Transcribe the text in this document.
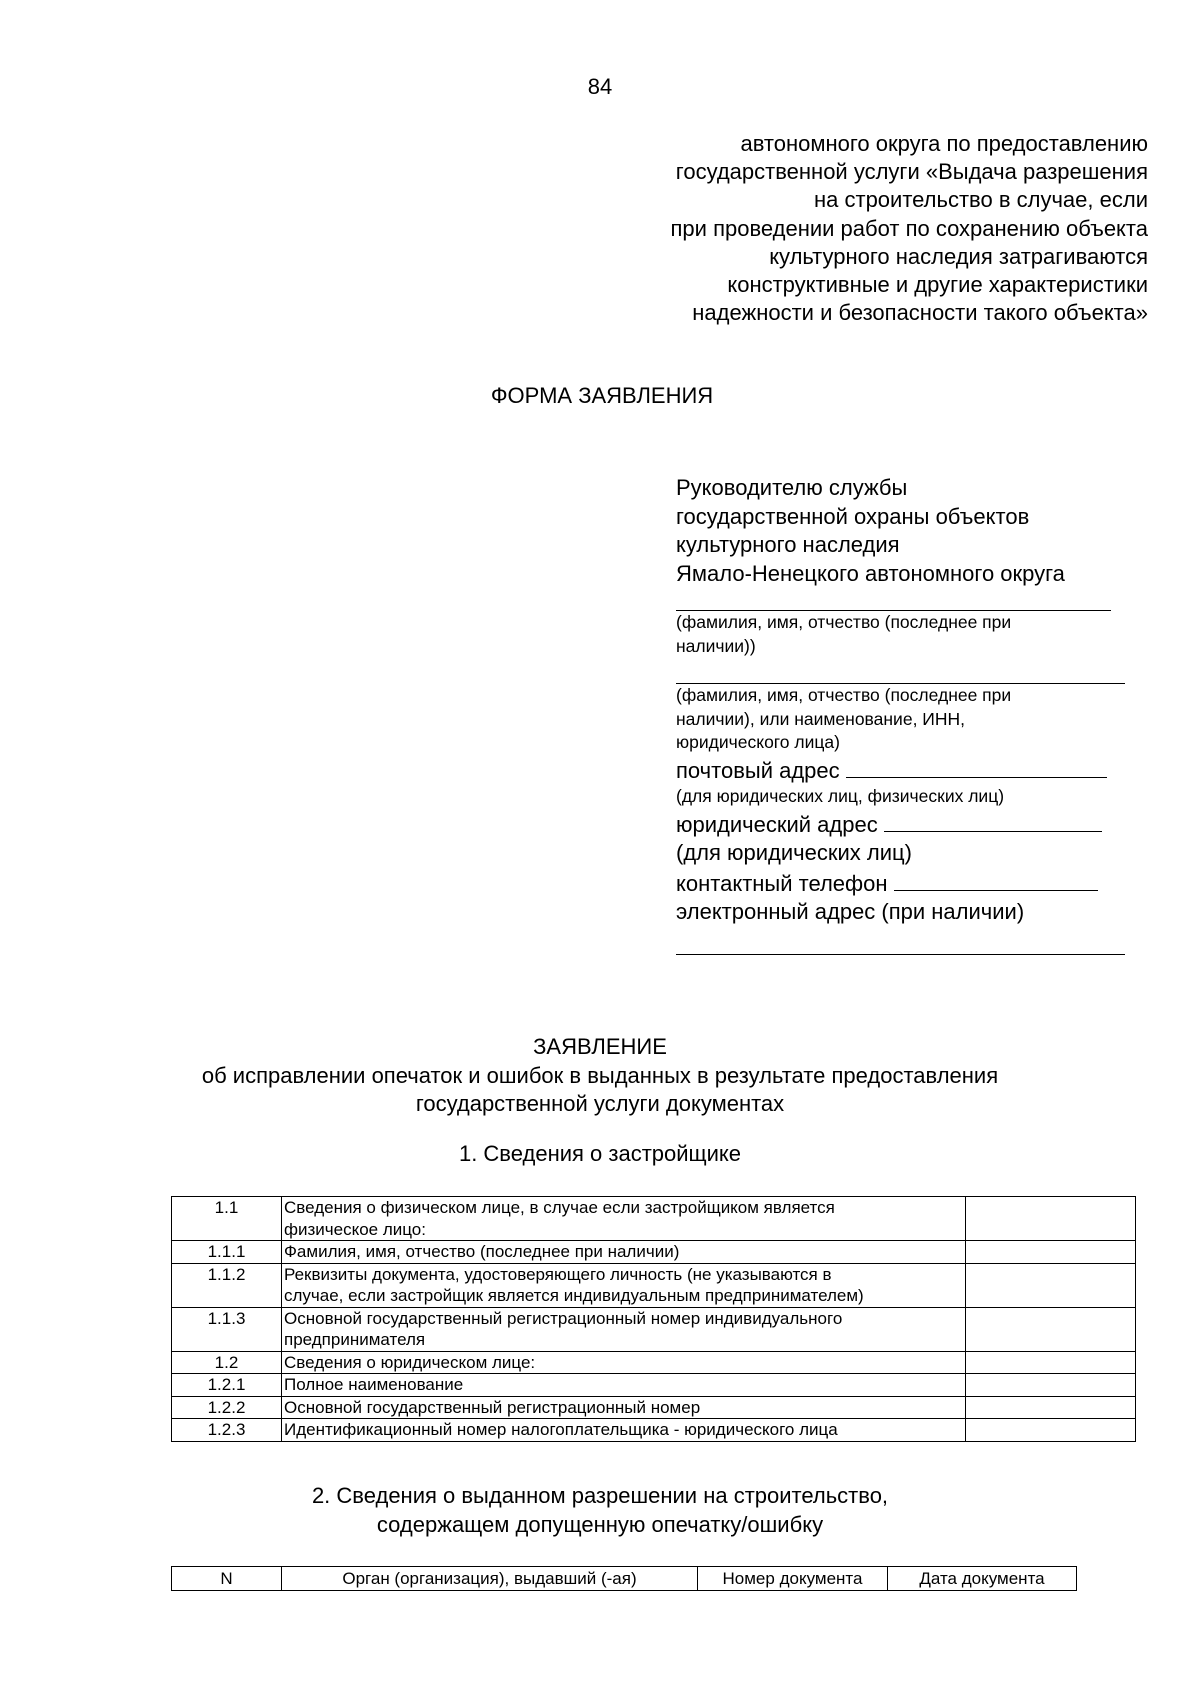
84
автономного округа по предоставлению
государственной услуги «Выдача разрешения
на строительство в случае, если
при проведении работ по сохранению объекта
культурного наследия затрагиваются
конструктивные и другие характеристики
надежности и безопасности такого объекта»
ФОРМА ЗАЯВЛЕНИЯ
Руководителю службы
государственной охраны объектов
культурного наследия
Ямало-Ненецкого автономного округа
(фамилия, имя, отчество (последнее при
наличии))
(фамилия, имя, отчество (последнее при
наличии), или наименование, ИНН,
юридического лица)
почтовый адрес
(для юридических лиц, физических лиц)
юридический адрес
(для юридических лиц)
контактный телефон
электронный адрес (при наличии)
ЗАЯВЛЕНИЕ
об исправлении опечаток и ошибок в выданных в результате предоставления
государственной услуги документах
1. Сведения о застройщике
1.1	Сведения о физическом лице, в случае если застройщиком является
физическое лицо:	

1.1.1	Фамилия, имя, отчество (последнее при наличии)	

1.1.2	Реквизиты документа, удостоверяющего личность (не указываются в
случае, если застройщик является индивидуальным предпринимателем)	

1.1.3	Основной государственный регистрационный номер индивидуального
предпринимателя	

1.2	Сведения о юридическом лице:	

1.2.1	Полное наименование	

1.2.2	Основной государственный регистрационный номер	

1.2.3	Идентификационный номер налогоплательщика - юридического лица	

2. Сведения о выданном разрешении на строительство,
содержащем допущенную опечатку/ошибку
N	Орган (организация), выдавший (-ая)	Номер документа	Дата документа
